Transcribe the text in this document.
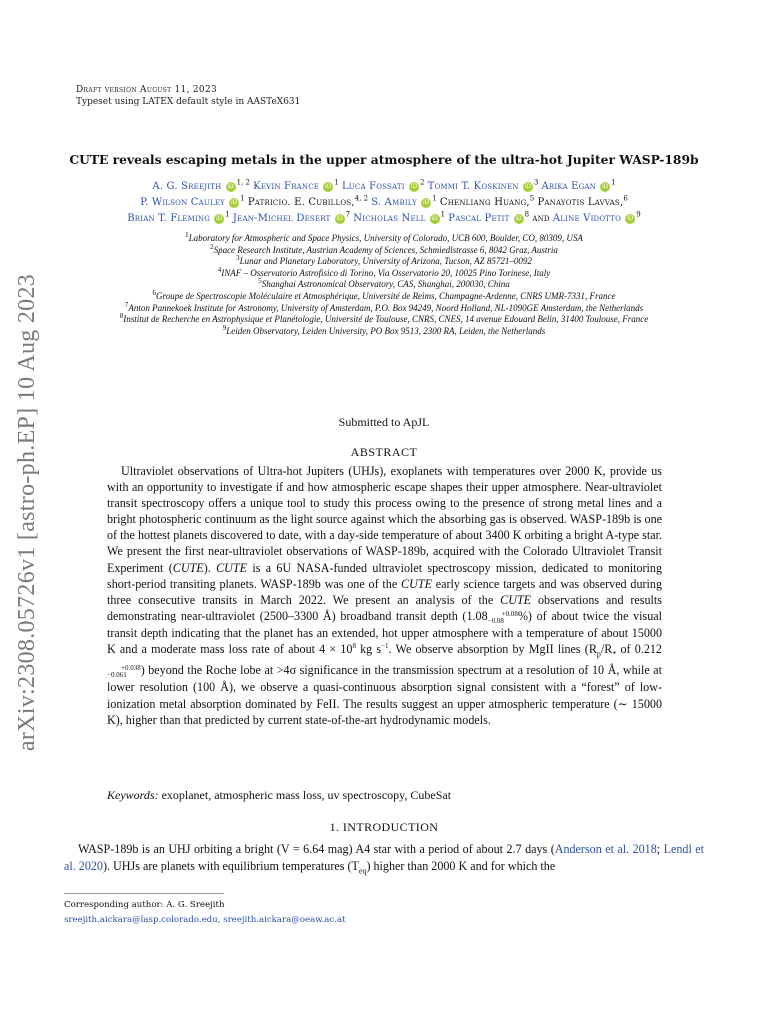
arXiv:2308.05726v1 [astro-ph.EP] 10 Aug 2023
Draft version August 11, 2023
Typeset using LATEX default style in AASTeX631
CUTE reveals escaping metals in the upper atmosphere of the ultra-hot Jupiter WASP-189b
A. G. Sreejith iD $^{1, 2}$ Kevin France iD $^1$ Luca Fossati iD $^2$ Tommi T. Koskinen iD $^3$ Arika Egan iD $^1$
P. Wilson Cauley iD $^1$ Patricio. E. Cubillos,$^{4, 2}$ S. Ambily iD $^1$ Chenliang Huang,$^5$ Panayotis Lavvas,$^6$
Brian T. Fleming iD $^1$ Jean-Michel Desert iD $^7$ Nicholas Nell iD $^1$ Pascal Petit iD $^8$ and Aline Vidotto iD $^9$
$^1$Laboratory for Atmospheric and Space Physics, University of Colorado, UCB 600, Boulder, CO, 80309, USA
$^2$Space Research Institute, Austrian Academy of Sciences, Schmiedlstrasse 6, 8042 Graz, Austria
$^3$Lunar and Planetary Laboratory, University of Arizona, Tucson, AZ 85721–0092
$^4$INAF – Osservatorio Astrofisico di Torino, Via Osservatorio 20, 10025 Pino Torinese, Italy
$^5$Shanghai Astronomical Observatory, CAS, Shanghai, 200030, China
$^6$Groupe de Spectroscopie Moléculaire et Atmosphérique, Université de Reims, Champagne-Ardenne, CNRS UMR-7331, France
$^7$Anton Pannekoek Institute for Astronomy, University of Amsterdam, P.O. Box 94249, Noord Holland, NL-1090GE Amsterdam, the Netherlands
$^8$Institut de Recherche en Astrophysique et Planétologie, Université de Toulouse, CNRS, CNES, 14 avenue Edouard Belin, 31400 Toulouse, France
$^9$Leiden Observatory, Leiden University, PO Box 9513, 2300 RA, Leiden, the Netherlands
Submitted to ApJL
ABSTRACT
Ultraviolet observations of Ultra-hot Jupiters (UHJs), exoplanets with temperatures over 2000 K, provide us with an opportunity to investigate if and how atmospheric escape shapes their upper atmosphere. Near-ultraviolet transit spectroscopy offers a unique tool to study this process owing to the presence of strong metal lines and a bright photospheric continuum as the light source against which the absorbing gas is observed. WASP-189b is one of the hottest planets discovered to date, with a day-side temperature of about 3400 K orbiting a bright A-type star. We present the first near-ultraviolet observations of WASP-189b, acquired with the Colorado Ultraviolet Transit Experiment (CUTE). CUTE is a 6U NASA-funded ultraviolet spectroscopy mission, dedicated to monitoring short-period transiting planets. WASP-189b was one of the CUTE early science targets and was observed during three consecutive transits in March 2022. We present an analysis of the CUTE observations and results demonstrating near-ultraviolet (2500–3300 Å) broadband transit depth (1.08 +0.08
−0.08 %) of about twice the visual transit depth indicating that the planet has an extended, hot upper atmosphere with a temperature of about 15000 K and a moderate mass loss rate of about $4 \times 10^8$ kg $s^{-1}$. We observe absorption by MgII lines ($R_p/R_*$ of 0.212+0.038
−0.061 ) beyond the Roche lobe at >4σ significance in the transmission spectrum at a resolution of 10 Å, while at lower resolution (100 Å), we observe a quasi-continuous absorption signal consistent with a “forest” of low-ionization metal absorption dominated by FeII. The results suggest an upper atmospheric temperature (∼ 15000 K), higher than that predicted by current state-of-the-art hydrodynamic models.
Keywords: exoplanet, atmospheric mass loss, uv spectroscopy, CubeSat
1. INTRODUCTION
WASP-189b is an UHJ orbiting a bright (V = 6.64 mag) A4 star with a period of about 2.7 days (Anderson et al. 2018; Lendl et al. 2020). UHJs are planets with equilibrium temperatures $(T_{eq})$ higher than 2000 K and for which the
Corresponding author: A. G. Sreejith
sreejith.aickara@lasp.colorado.edu, sreejith.aickara@oeaw.ac.at
